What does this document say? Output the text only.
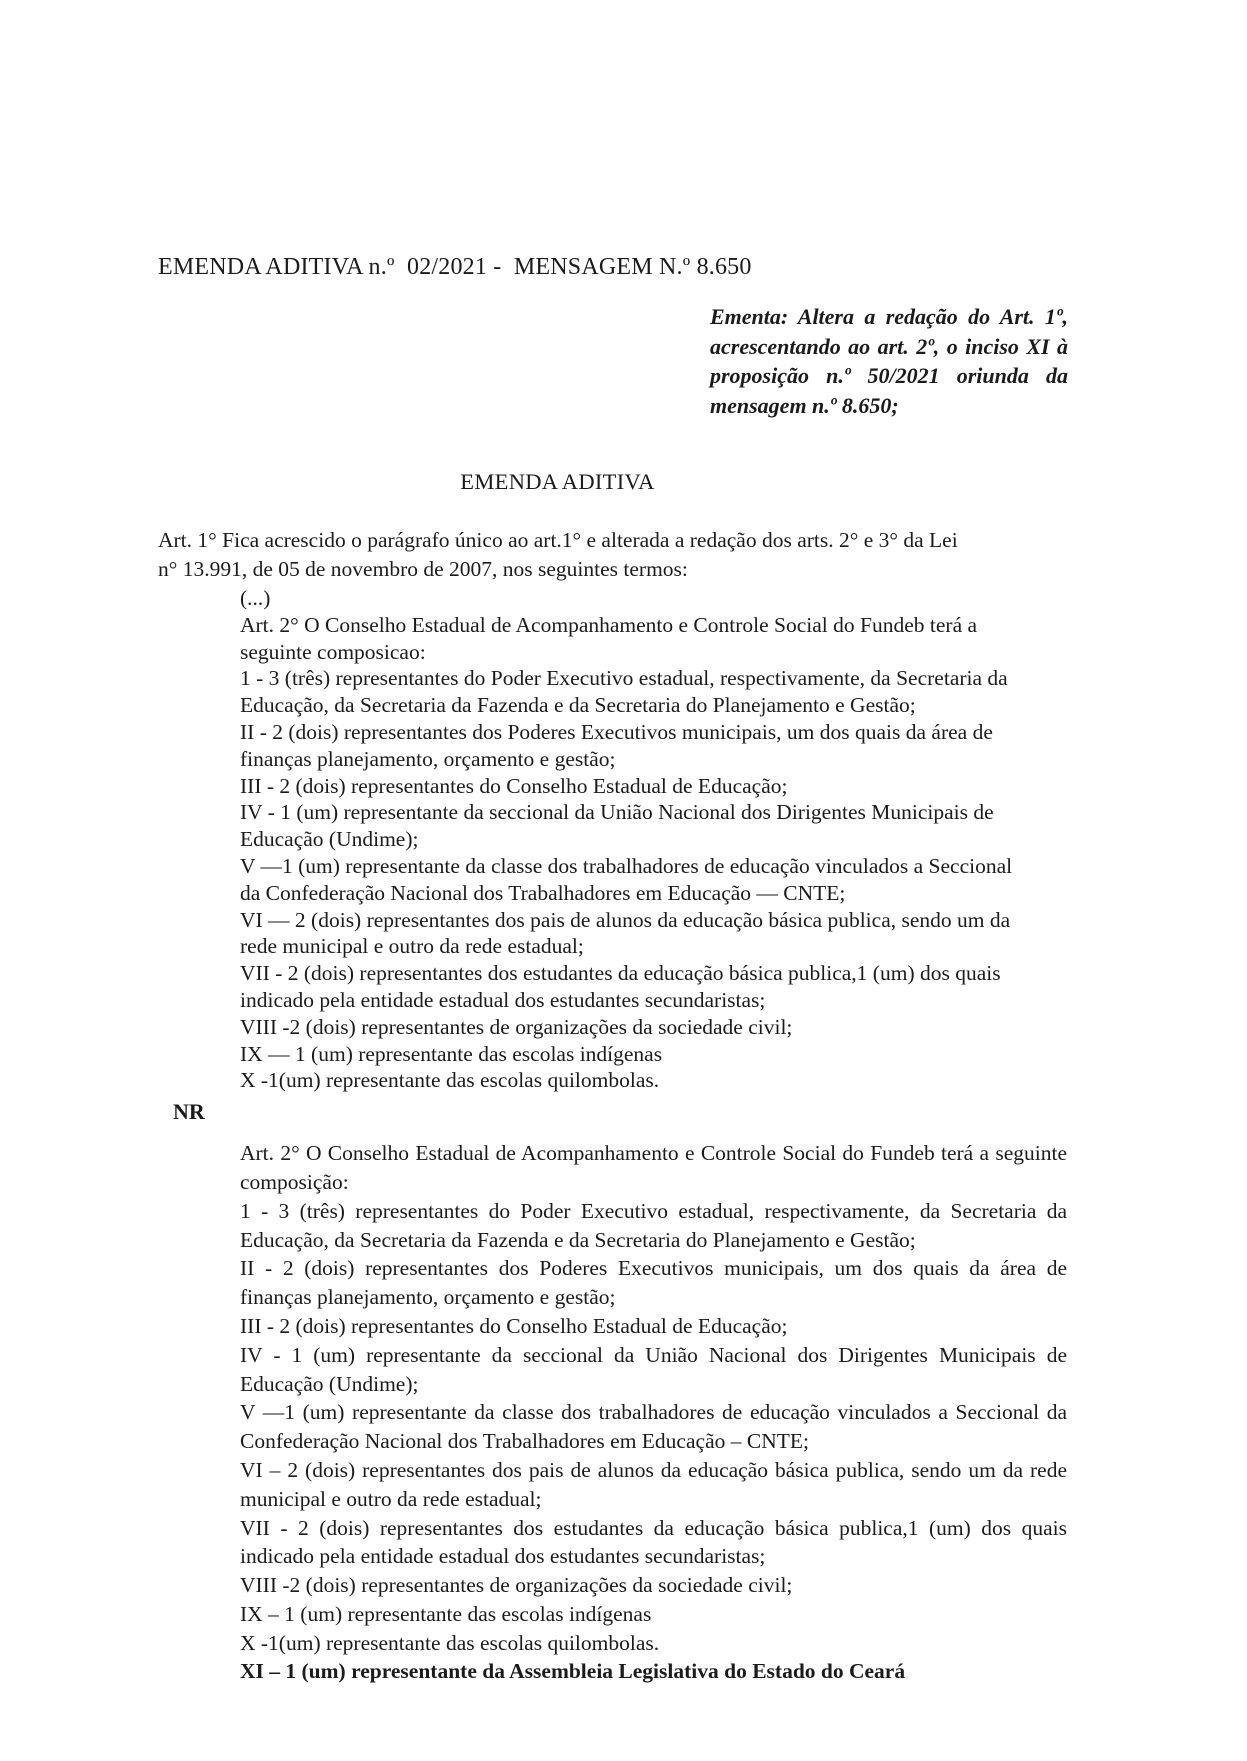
EMENDA ADITIVA n.º  02/2021 -  MENSAGEM N.º 8.650
Ementa: Altera a redação do Art. 1º, acrescentando ao art. 2º, o inciso XI à proposição n.º 50/2021 oriunda da mensagem n.º 8.650;
EMENDA ADITIVA

Art. 1° Fica acrescido o parágrafo único ao art.1° e alterada a redação dos arts. 2° e 3° da Lei n° 13.991, de 05 de novembro de 2007, nos seguintes termos:

(...)

Art. 2° O Conselho Estadual de Acompanhamento e Controle Social do Fundeb terá a seguinte composicao:

1 - 3 (três) representantes do Poder Executivo estadual, respectivamente, da Secretaria da Educação, da Secretaria da Fazenda e da Secretaria do Planejamento e Gestão;

II - 2 (dois) representantes dos Poderes Executivos municipais, um dos quais da área de finanças planejamento, orçamento e gestão;

III - 2 (dois) representantes do Conselho Estadual de Educação;

IV - 1 (um) representante da seccional da União Nacional dos Dirigentes Municipais de Educação (Undime);

V —1 (um) representante da classe dos trabalhadores de educação vinculados a Seccional da Confederação Nacional dos Trabalhadores em Educação — CNTE;

VI — 2 (dois) representantes dos pais de alunos da educação básica publica, sendo um da rede municipal e outro da rede estadual;

VII - 2 (dois) representantes dos estudantes da educação básica publica,1 (um) dos quais indicado pela entidade estadual dos estudantes secundaristas;

VIII -2 (dois) representantes de organizações da sociedade civil;

IX — 1 (um) representante das escolas indígenas

X -1(um) representante das escolas quilombolas.

NR

Art. 2° O Conselho Estadual de Acompanhamento e Controle Social do Fundeb terá a seguinte composição:

1 - 3 (três) representantes do Poder Executivo estadual, respectivamente, da Secretaria da Educação, da Secretaria da Fazenda e da Secretaria do Planejamento e Gestão;

II - 2 (dois) representantes dos Poderes Executivos municipais, um dos quais da área de finanças planejamento, orçamento e gestão;

III - 2 (dois) representantes do Conselho Estadual de Educação;

IV - 1 (um) representante da seccional da União Nacional dos Dirigentes Municipais de Educação (Undime);

V —1 (um) representante da classe dos trabalhadores de educação vinculados a Seccional da Confederação Nacional dos Trabalhadores em Educação – CNTE;

VI – 2 (dois) representantes dos pais de alunos da educação básica publica, sendo um da rede municipal e outro da rede estadual;

VII - 2 (dois) representantes dos estudantes da educação básica publica,1 (um) dos quais indicado pela entidade estadual dos estudantes secundaristas;

VIII -2 (dois) representantes de organizações da sociedade civil;

IX – 1 (um) representante das escolas indígenas

X -1(um) representante das escolas quilombolas.

XI – 1 (um) representante da Assembleia Legislativa do Estado do Ceará
